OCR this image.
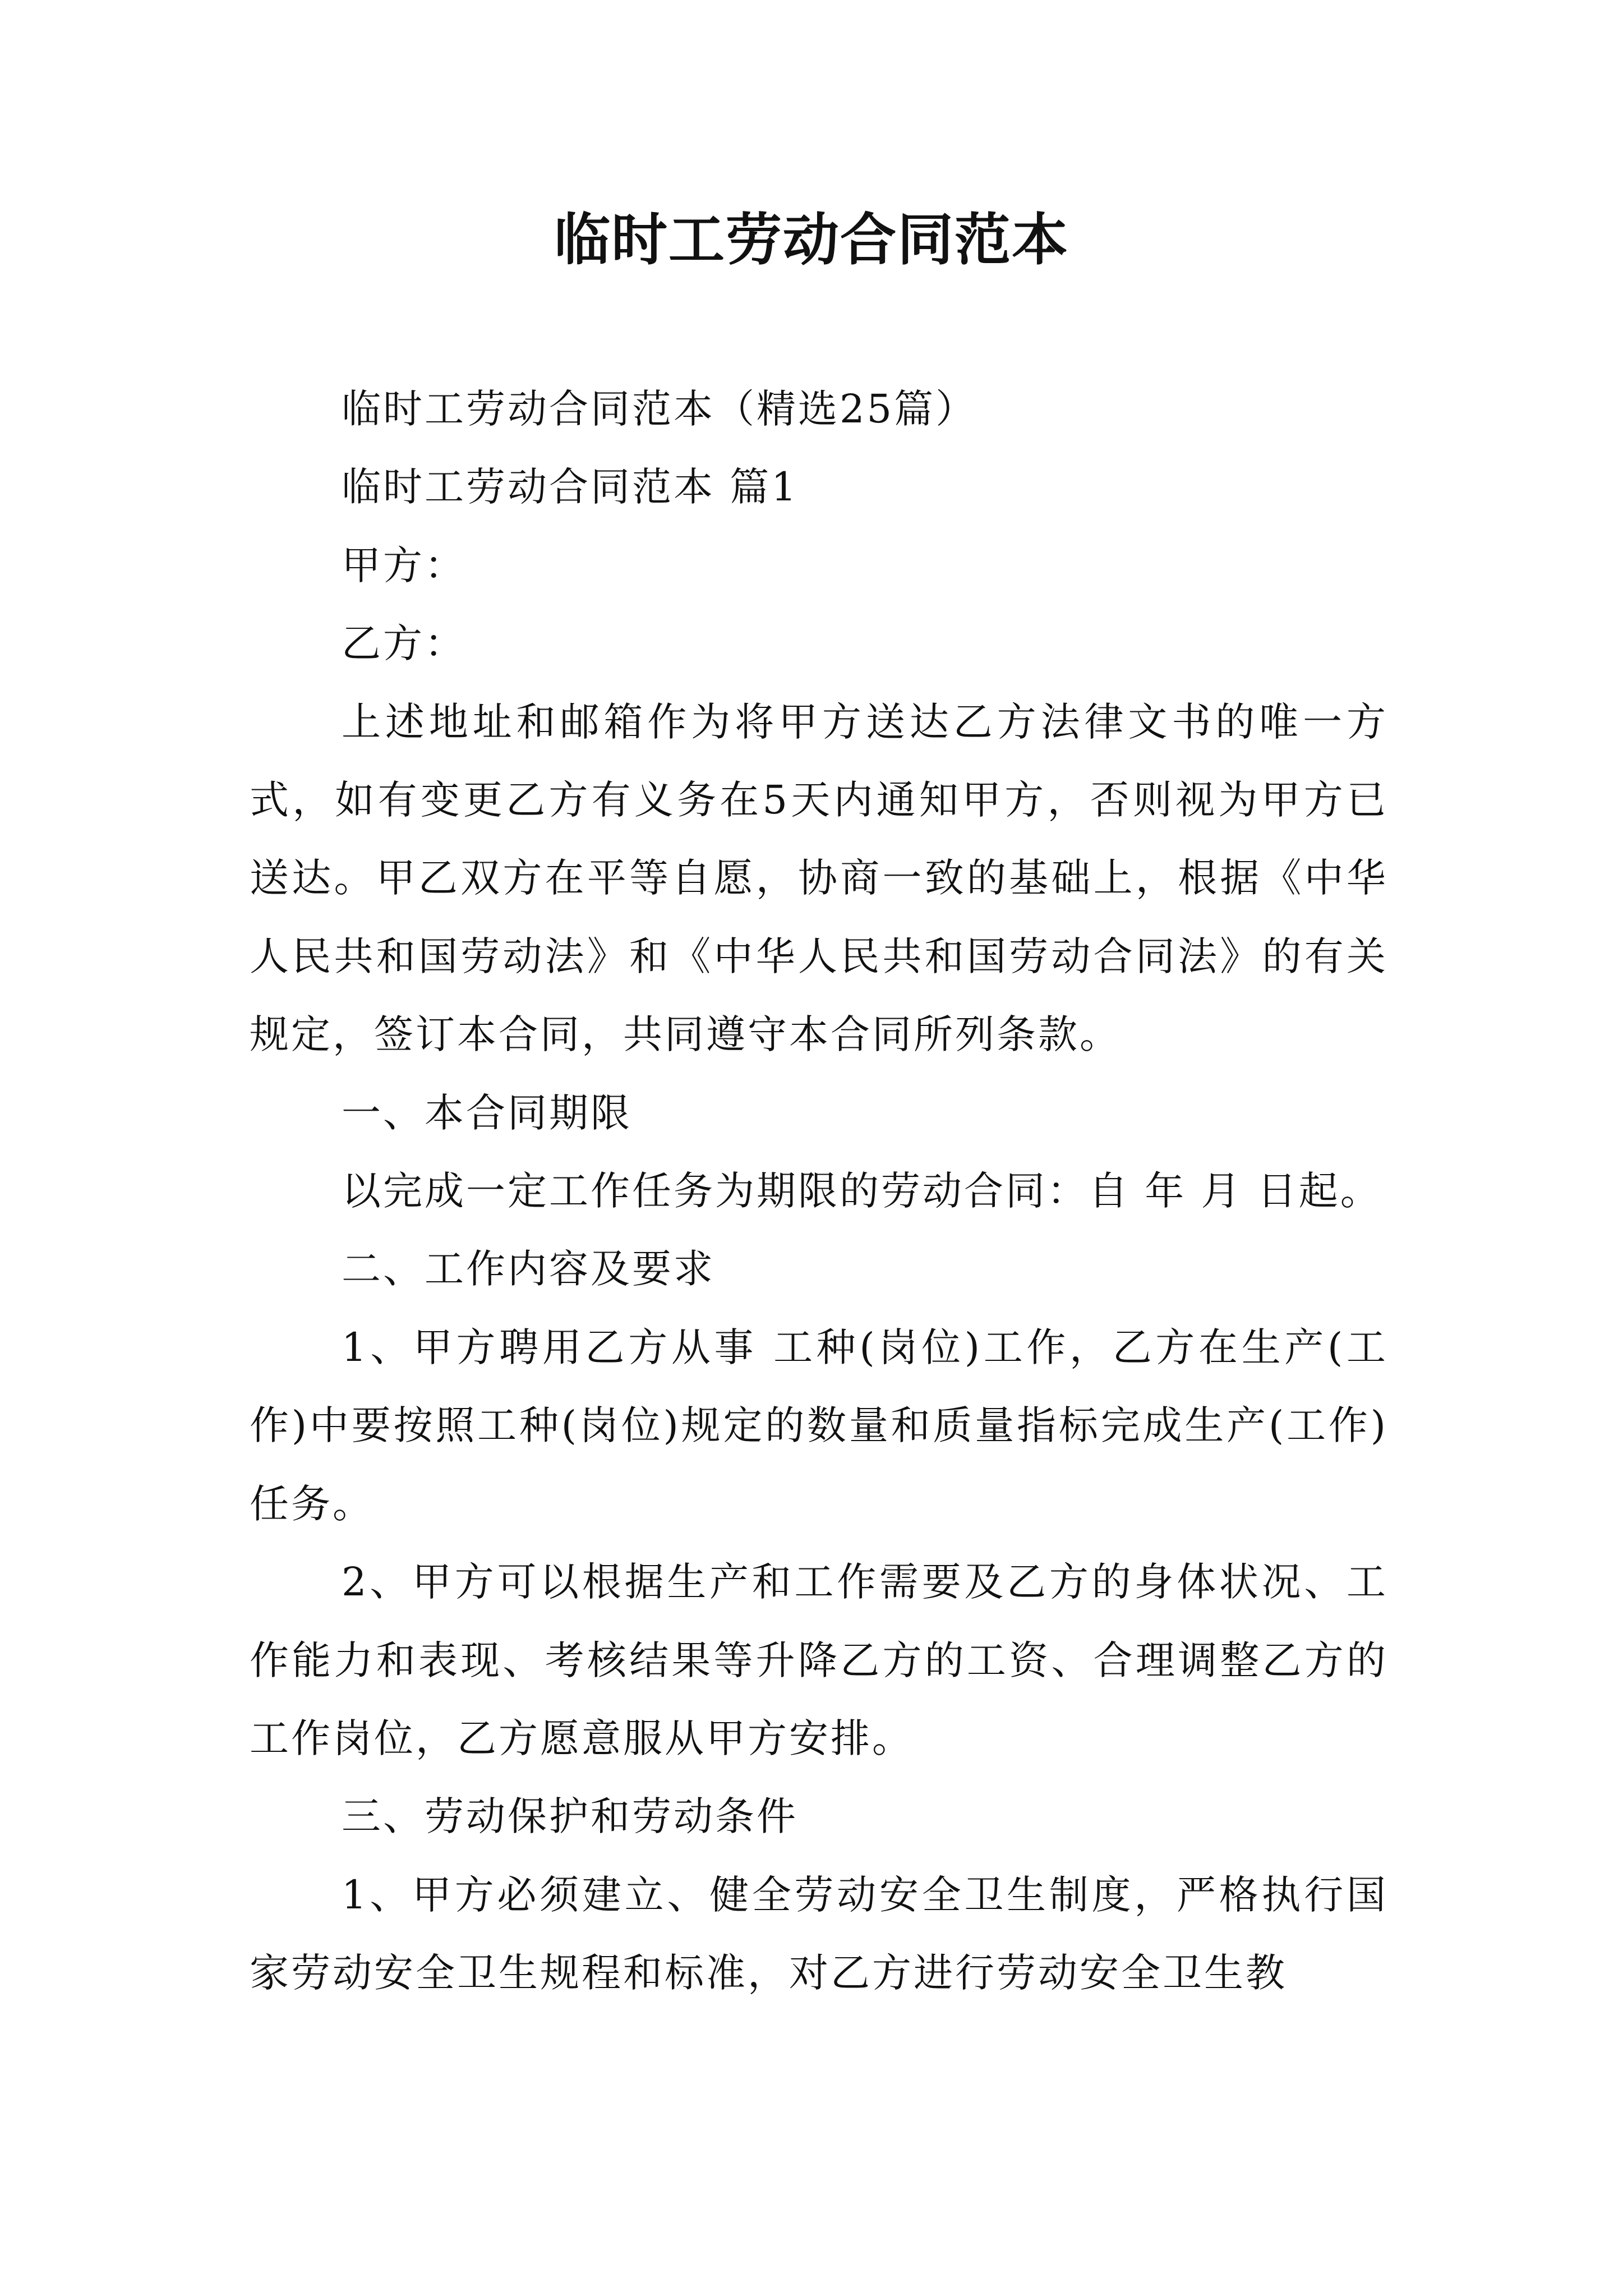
临时工劳动合同范本

临时工劳动合同范本（精选25篇）

临时工劳动合同范本 篇1

甲方：

乙方：

上述地址和邮箱作为将甲方送达乙方法律文书的唯一方式，如有变更乙方有义务在5天内通知甲方，否则视为甲方已送达。甲乙双方在平等自愿，协商一致的基础上，根据《中华人民共和国劳动法》和《中华人民共和国劳动合同法》的有关规定，签订本合同，共同遵守本合同所列条款。

一、本合同期限

以完成一定工作任务为期限的劳动合同：自 年 月 日起。

二、工作内容及要求

1、甲方聘用乙方从事 工种(岗位)工作，乙方在生产(工作)中要按照工种(岗位)规定的数量和质量指标完成生产(工作)任务。

2、甲方可以根据生产和工作需要及乙方的身体状况、工作能力和表现、考核结果等升降乙方的工资、合理调整乙方的工作岗位，乙方愿意服从甲方安排。

三、劳动保护和劳动条件

1、甲方必须建立、健全劳动安全卫生制度，严格执行国家劳动安全卫生规程和标准，对乙方进行劳动安全卫生教
